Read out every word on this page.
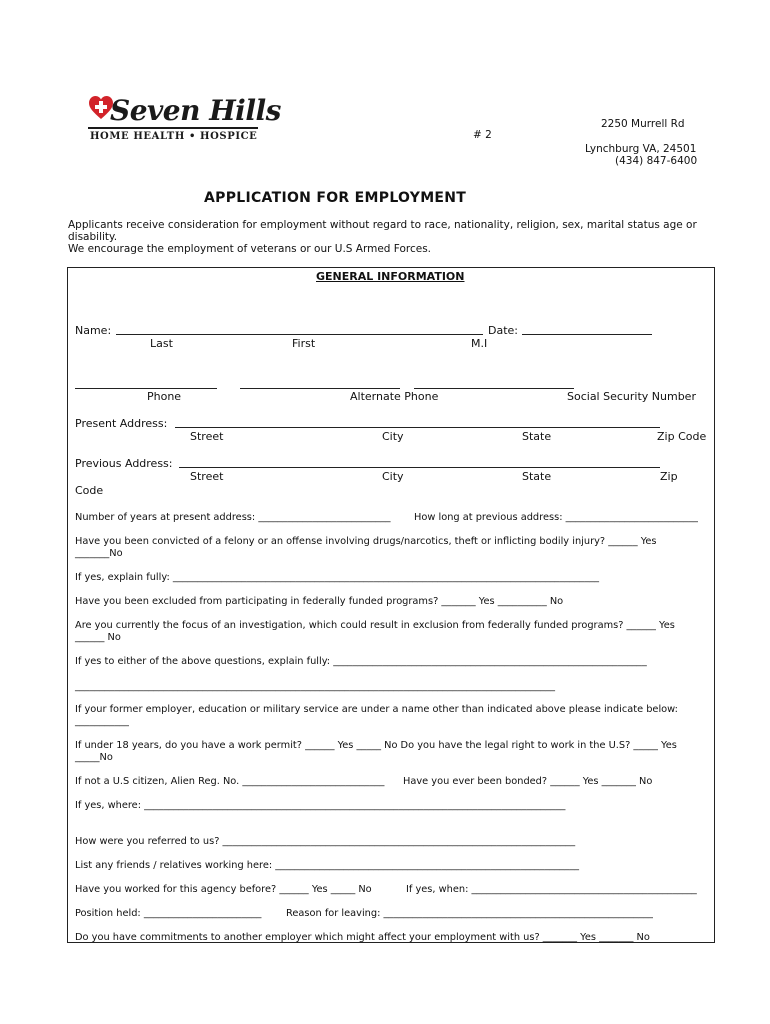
Seven Hills
HOME HEALTH • HOSPICE	# 2
2250 Murrell Rd
Lynchburg VA, 24501
(434) 847-6400
APPLICATION FOR EMPLOYMENT
Applicants receive consideration for employment without regard to race, nationality, religion, sex, marital status age or
disability.
We encourage the employment of veterans or our U.S Armed Forces.
GENERAL INFORMATION
Name:	Date:
Last	First	M.I
Phone	Alternate Phone	Social Security Number
Present Address:
Street	City	State	Zip Code
Previous Address:
Street	City	State	Zip
Code
Number of years at present address: ___________________________ How long at previous address: ___________________________
Have you been convicted of a felony or an offense involving drugs/narcotics, theft or inflicting bodily injury? ______ Yes
_______No
If yes, explain fully: _______________________________________________________________________________________
Have you been excluded from participating in federally funded programs? _______ Yes __________ No
Are you currently the focus of an investigation, which could result in exclusion from federally funded programs? ______ Yes
______ No
If yes to either of the above questions, explain fully: ________________________________________________________________
__________________________________________________________________________________________________
If your former employer, education or military service are under a name other than indicated above please indicate below:
___________
If under 18 years, do you have a work permit? ______ Yes _____ No Do you have the legal right to work in the U.S? _____ Yes
_____No
If not a U.S citizen, Alien Reg. No. _____________________________ Have you ever been bonded? ______ Yes _______ No
If yes, where: ______________________________________________________________________________________
How were you referred to us? ________________________________________________________________________
List any friends / relatives working here: ______________________________________________________________
Have you worked for this agency before? ______ Yes _____ No	If yes, when: ______________________________________________
Position held: ________________________	Reason for leaving: _______________________________________________________
Do you have commitments to another employer which might affect your employment with us? _______ Yes _______ No
